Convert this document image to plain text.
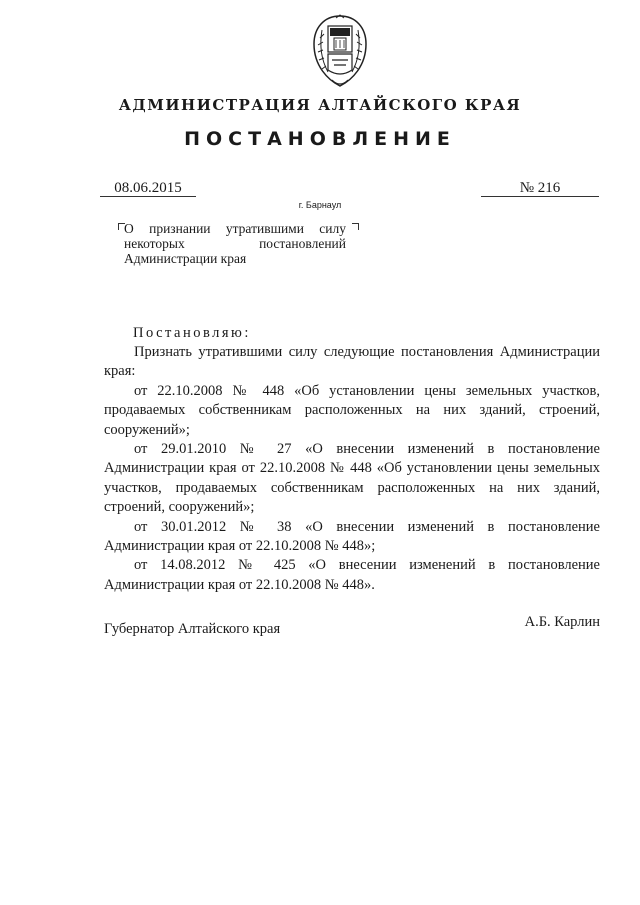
АДМИНИСТРАЦИЯ АЛТАЙСКОГО КРАЯ
ПОСТАНОВЛЕНИЕ
08.06.2015	№ 216
г. Барнаул
О признании утратившими силу некоторых постановлений Администрации края
Постановляю:

Признать утратившими силу следующие постановления Администрации края:

от 22.10.2008 № 448 «Об установлении цены земельных участков, продаваемых собственникам расположенных на них зданий, строений, сооружений»;

от 29.01.2010 № 27 «О внесении изменений в постановление Администрации края от 22.10.2008 № 448 «Об установлении цены земельных участков, продаваемых собственникам расположенных на них зданий, строений, сооружений»;

от 30.01.2012 № 38 «О внесении изменений в постановление Администрации края от 22.10.2008 № 448»;

от 14.08.2012 № 425 «О внесении изменений в постановление Администрации края от 22.10.2008 № 448».

Губернатор Алтайского края	А.Б. Карлин
